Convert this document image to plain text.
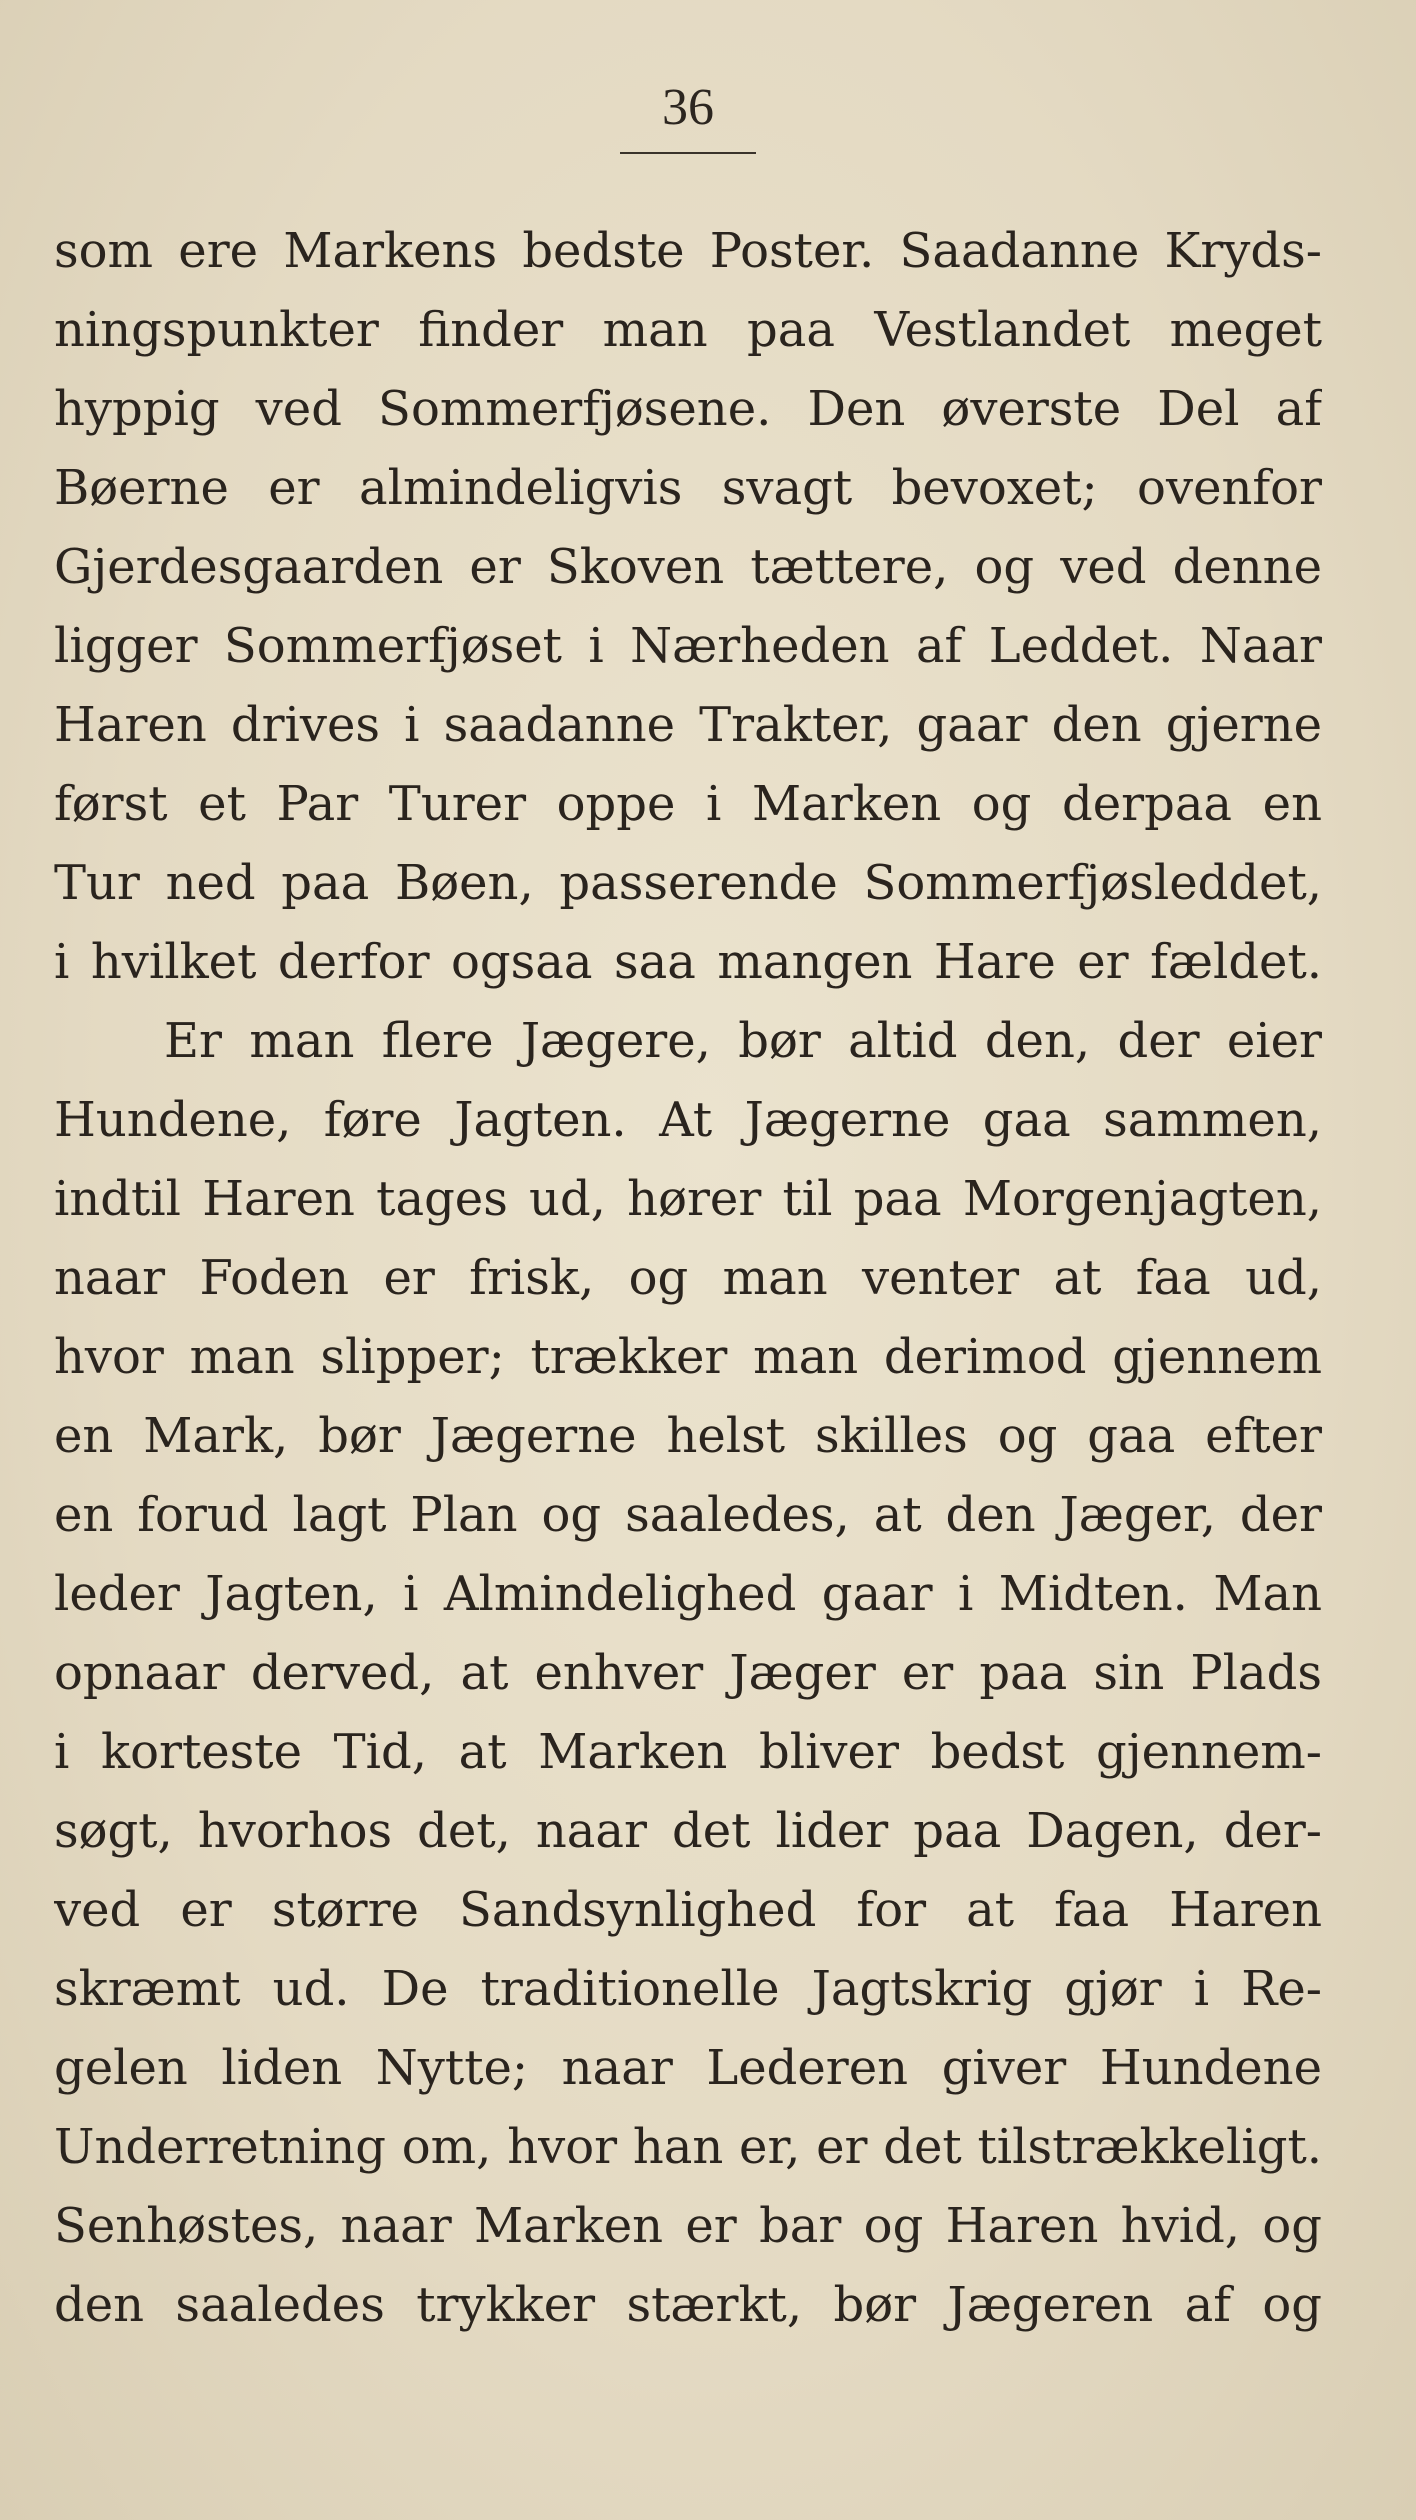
36
som ere Markens bedste Poster. Saadanne Kryds-
ningspunkter finder man paa Vestlandet meget
hyppig ved Sommerfjøsene. Den øverste Del af
Bøerne er almindeligvis svagt bevoxet; ovenfor
Gjerdesgaarden er Skoven tættere, og ved denne
ligger Sommerfjøset i Nærheden af Leddet. Naar
Haren drives i saadanne Trakter, gaar den gjerne
først et Par Turer oppe i Marken og derpaa en
Tur ned paa Bøen, passerende Sommerfjøsleddet,
i hvilket derfor ogsaa saa mangen Hare er fældet.
Er man flere Jægere, bør altid den, der eier
Hundene, føre Jagten. At Jægerne gaa sammen,
indtil Haren tages ud, hører til paa Morgenjagten,
naar Foden er frisk, og man venter at faa ud,
hvor man slipper; trækker man derimod gjennem
en Mark, bør Jægerne helst skilles og gaa efter
en forud lagt Plan og saaledes, at den Jæger, der
leder Jagten, i Almindelighed gaar i Midten. Man
opnaar derved, at enhver Jæger er paa sin Plads
i korteste Tid, at Marken bliver bedst gjennem-
søgt, hvorhos det, naar det lider paa Dagen, der-
ved er større Sandsynlighed for at faa Haren
skræmt ud. De traditionelle Jagtskrig gjør i Re-
gelen liden Nytte; naar Lederen giver Hundene
Underretning om, hvor han er, er det tilstrækkeligt.
Senhøstes, naar Marken er bar og Haren hvid, og
den saaledes trykker stærkt, bør Jægeren af og
